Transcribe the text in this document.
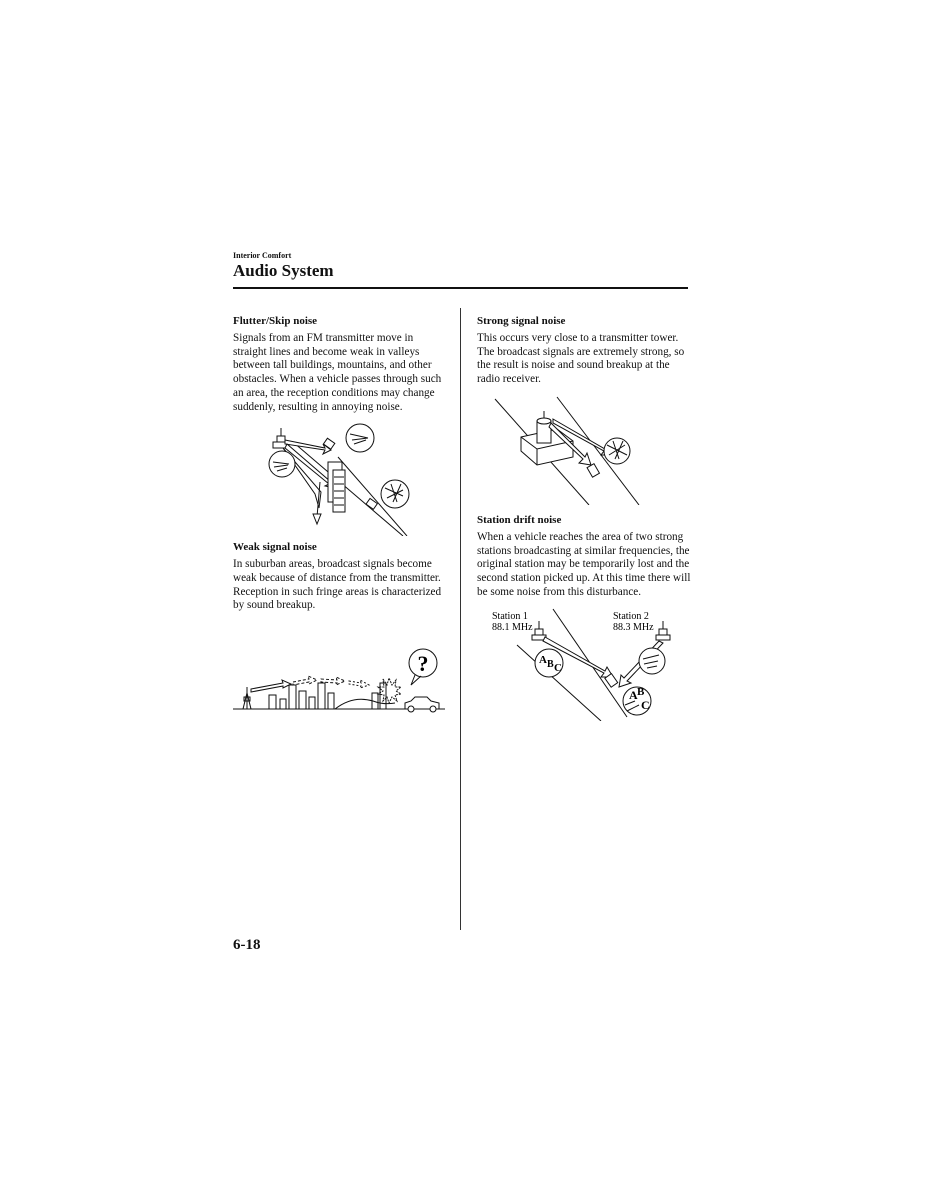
Interior Comfort
Audio System
Flutter/Skip noise

Signals from an FM transmitter move in straight lines and become weak in valleys between tall buildings, mountains, and other obstacles. When a vehicle passes through such an area, the reception conditions may change suddenly, resulting in annoying noise.

Weak signal noise

In suburban areas, broadcast signals become weak because of distance from the transmitter. Reception in such fringe areas is characterized by sound breakup.

?
Strong signal noise

This occurs very close to a transmitter tower. The broadcast signals are extremely strong, so the result is noise and sound breakup at the radio receiver.

Station drift noise

When a vehicle reaches the area of two strong stations broadcasting at similar frequencies, the original station may be temporarily lost and the second station picked up. At this time there will be some noise from this disturbance.

Station 1
88.1 MHz
Station 2
88.3 MHz
A B C
A B
C
6-18
